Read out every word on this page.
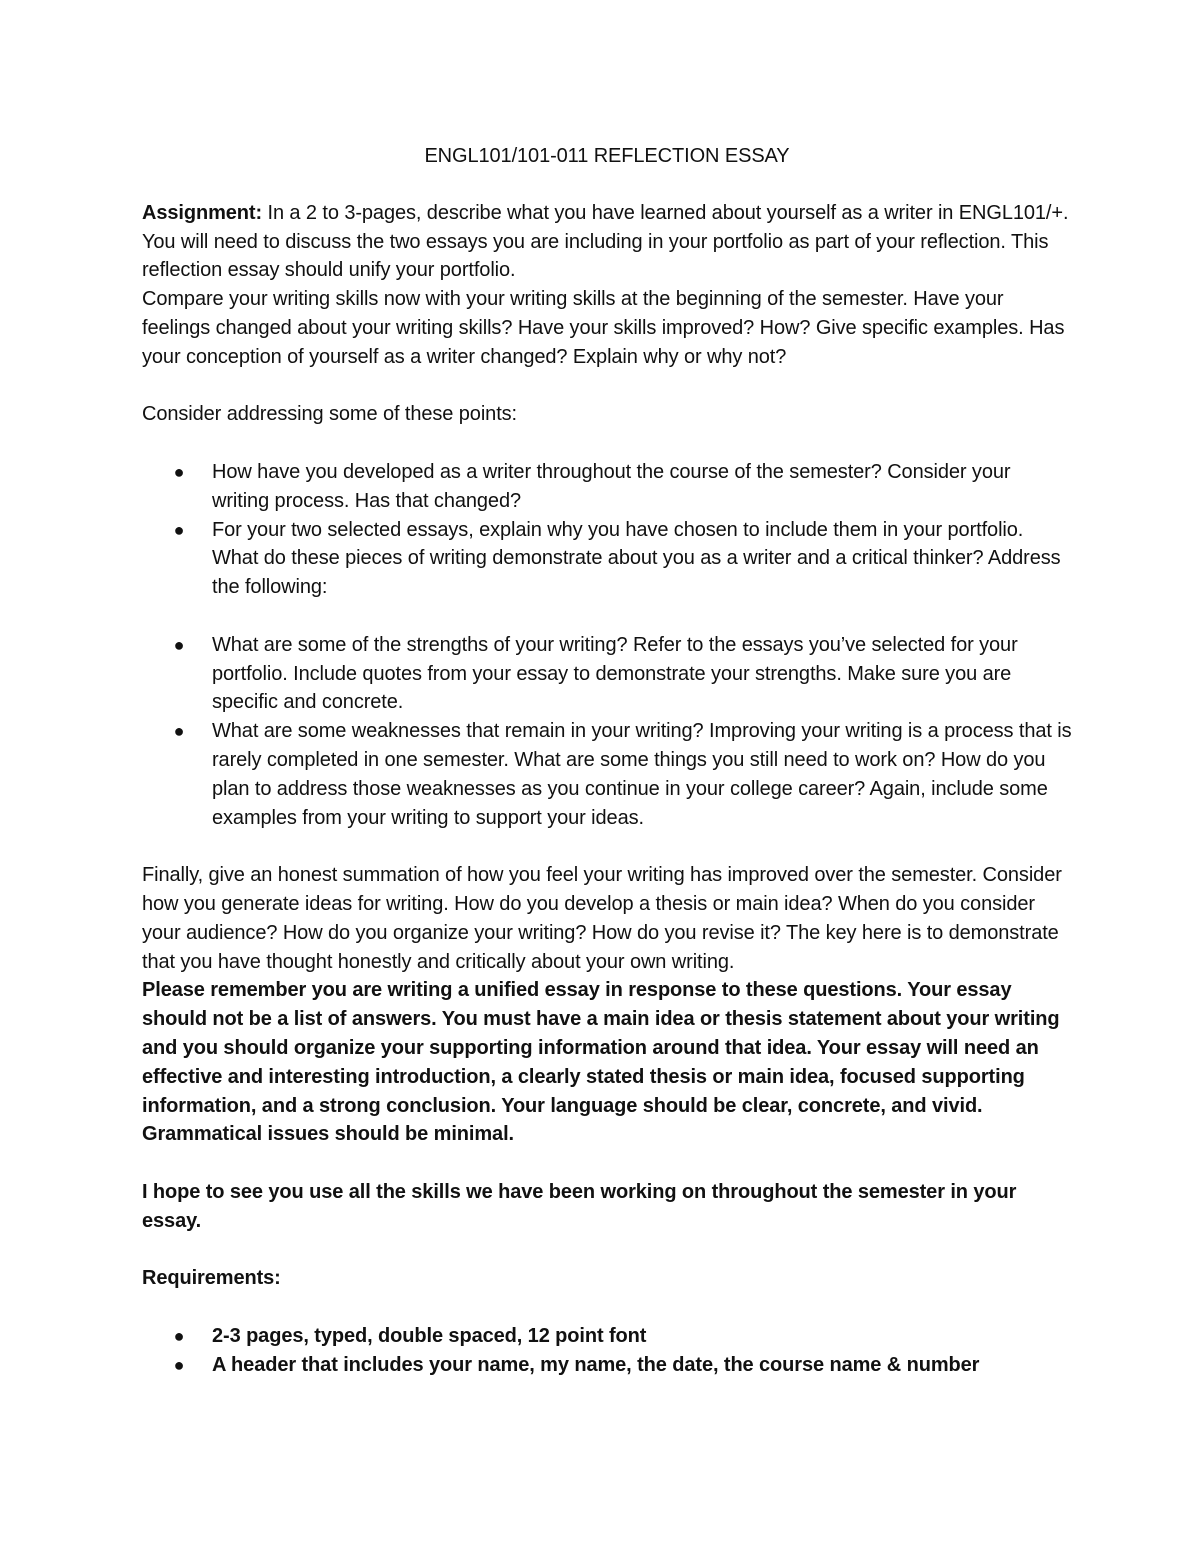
ENGL101/101-011 REFLECTION ESSAY

Assignment: In a 2 to 3-pages, describe what you have learned about yourself as a writer in ENGL101/+. You will need to discuss the two essays you are including in your portfolio as part of your reflection. This reflection essay should unify your portfolio.

Compare your writing skills now with your writing skills at the beginning of the semester. Have your feelings changed about your writing skills? Have your skills improved? How? Give specific examples. Has your conception of yourself as a writer changed? Explain why or why not?

Consider addressing some of these points:

● How have you developed as a writer throughout the course of the semester? Consider your writing process. Has that changed?
● For your two selected essays, explain why you have chosen to include them in your portfolio. What do these pieces of writing demonstrate about you as a writer and a critical thinker? Address the following:
● What are some of the strengths of your writing? Refer to the essays you’ve selected for your portfolio. Include quotes from your essay to demonstrate your strengths. Make sure you are specific and concrete.
● What are some weaknesses that remain in your writing? Improving your writing is a process that is rarely completed in one semester. What are some things you still need to work on? How do you plan to address those weaknesses as you continue in your college career? Again, include some examples from your writing to support your ideas.

Finally, give an honest summation of how you feel your writing has improved over the semester. Consider how you generate ideas for writing. How do you develop a thesis or main idea? When do you consider your audience? How do you organize your writing? How do you revise it? The key here is to demonstrate that you have thought honestly and critically about your own writing.

Please remember you are writing a unified essay in response to these questions. Your essay should not be a list of answers. You must have a main idea or thesis statement about your writing and you should organize your supporting information around that idea. Your essay will need an effective and interesting introduction, a clearly stated thesis or main idea, focused supporting information, and a strong conclusion. Your language should be clear, concrete, and vivid. Grammatical issues should be minimal.

I hope to see you use all the skills we have been working on throughout the semester in your essay.

Requirements:

● 2-3 pages, typed, double spaced, 12 point font
● A header that includes your name, my name, the date, the course name & number
